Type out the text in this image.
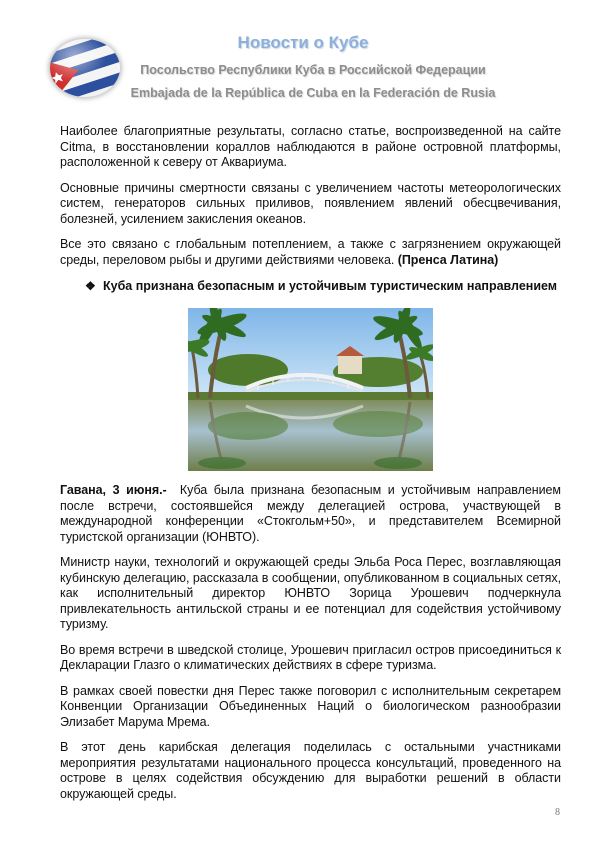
Новости о Кубе
Посольство Республики Куба в Российской Федерации
Embajada de la República de Cuba en la Federación de Rusia

Наиболее благоприятные результаты, согласно статье, воспроизведенной на сайте Citma, в восстановлении кораллов наблюдаются в районе островной платформы, расположенной к северу от Аквариума.

Основные причины смертности связаны с увеличением частоты метеорологических систем, генераторов сильных приливов, появлением явлений обесцвечивания, болезней, усилением закисления океанов.

Все это связано с глобальным потеплением, а также с загрязнением окружающей среды, переловом рыбы и другими действиями человека. (Пренса Латина)

❖ Куба признана безопасным и устойчивым туристическим направлением

Гавана, 3 июня.- Куба была признана безопасным и устойчивым направлением после встречи, состоявшейся между делегацией острова, участвующей в международной конференции «Стокгольм+50», и представителем Всемирной туристской организации (ЮНВТО).

Министр науки, технологий и окружающей среды Эльба Роса Перес, возглавляющая кубинскую делегацию, рассказала в сообщении, опубликованном в социальных сетях, как исполнительный директор ЮНВТО Зорица Урошевич подчеркнула привлекательность антильской страны и ее потенциал для содействия устойчивому туризму.

Во время встречи в шведской столице, Урошевич пригласил остров присоединиться к Декларации Глазго о климатических действиях в сфере туризма.

В рамках своей повестки дня Перес также поговорил с исполнительным секретарем Конвенции Организации Объединенных Наций о биологическом разнообразии Элизабет Марума Мрема.

В этот день карибская делегация поделилась с остальными участниками мероприятия результатами национального процесса консультаций, проведенного на острове в целях содействия обсуждению для выработки решений в области окружающей среды.

8
